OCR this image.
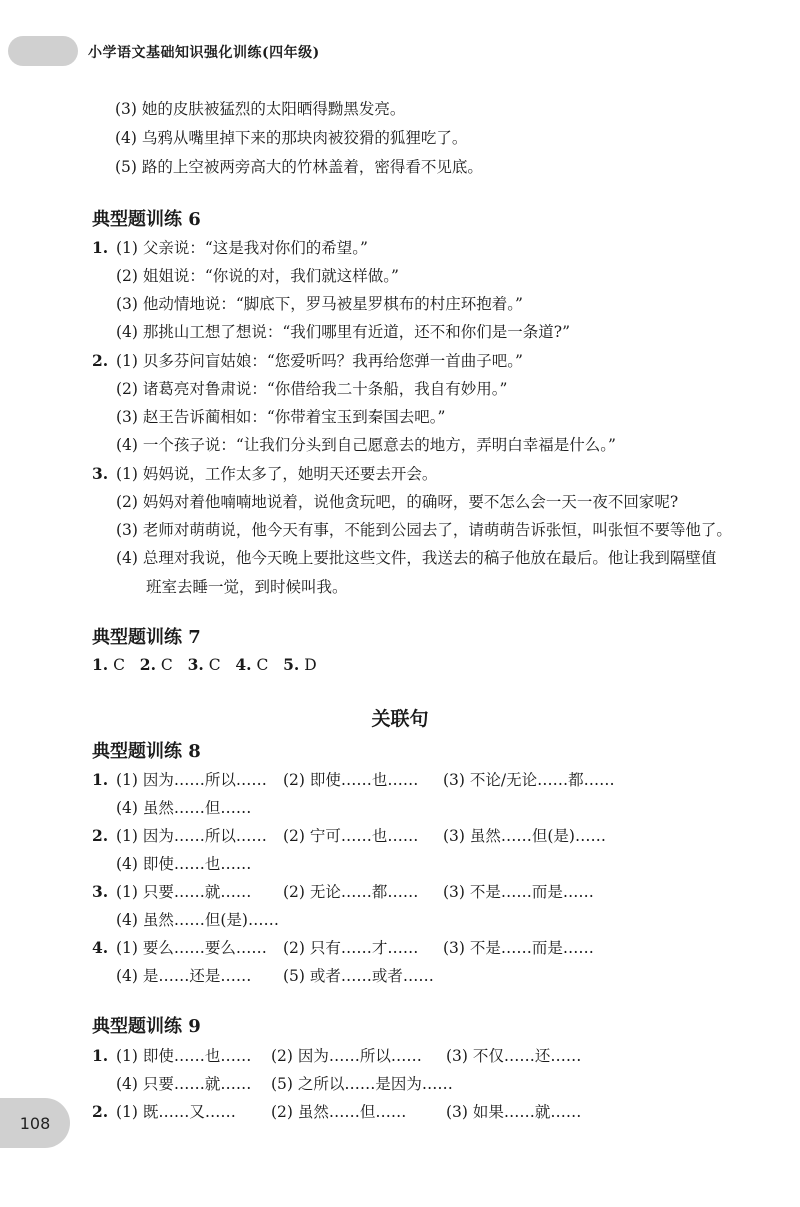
小学语文基础知识强化训练(四年级)
(3) 她的皮肤被猛烈的太阳晒得黝黑发亮。
(4) 乌鸦从嘴里掉下来的那块肉被狡猾的狐狸吃了。
(5) 路的上空被两旁高大的竹林盖着，密得看不见底。
典型题训练 6
1. (1) 父亲说：“这是我对你们的希望。”
(2) 姐姐说：“你说的对，我们就这样做。”
(3) 他动情地说：“脚底下，罗马被星罗棋布的村庄环抱着。”
(4) 那挑山工想了想说：“我们哪里有近道，还不和你们是一条道?”
2. (1) 贝多芬问盲姑娘：“您爱听吗？我再给您弹一首曲子吧。”
(2) 诸葛亮对鲁肃说：“你借给我二十条船，我自有妙用。”
(3) 赵王告诉蔺相如：“你带着宝玉到秦国去吧。”
(4) 一个孩子说：“让我们分头到自己愿意去的地方，弄明白幸福是什么。”
3. (1) 妈妈说，工作太多了，她明天还要去开会。
(2) 妈妈对着他喃喃地说着，说他贪玩吧，的确呀，要不怎么会一天一夜不回家呢?
(3) 老师对萌萌说，他今天有事，不能到公园去了，请萌萌告诉张恒，叫张恒不要等他了。
(4) 总理对我说，他今天晚上要批这些文件，我送去的稿子他放在最后。他让我到隔壁值
班室去睡一觉，到时候叫我。
典型题训练 7
1. C 2. C 3. C 4. C 5. D
关联句
典型题训练 8
1. (1) 因为……所以…… (2) 即使……也…… (3) 不论/无论……都……
(4) 虽然……但……
2. (1) 因为……所以…… (2) 宁可……也…… (3) 虽然……但(是)……
(4) 即使……也……
3. (1) 只要……就…… (2) 无论……都…… (3) 不是……而是……
(4) 虽然……但(是)……
4. (1) 要么……要么…… (2) 只有……才…… (3) 不是……而是……
(4) 是……还是…… (5) 或者……或者……
典型题训练 9
1. (1) 即使……也…… (2) 因为……所以…… (3) 不仅……还……
(4) 只要……就…… (5) 之所以……是因为……
2. (1) 既……又…… (2) 虽然……但……	(3) 如果……就……
108
